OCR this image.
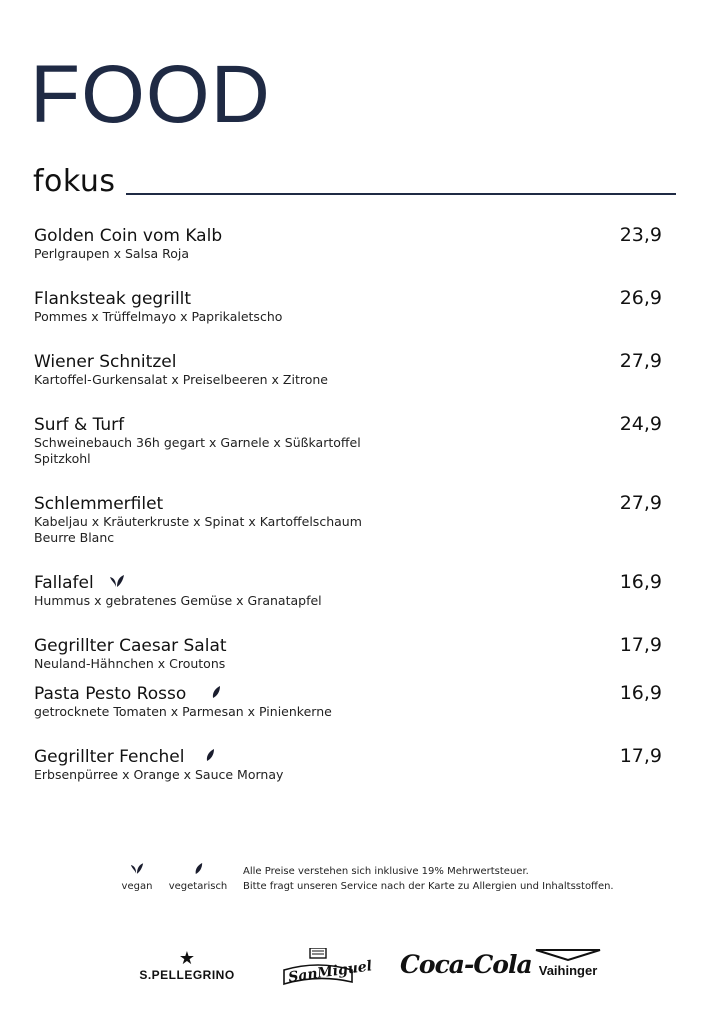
FOOD
fokus
Golden Coin vom Kalb
Perlgraupen x Salsa Roja
23,9
Flanksteak gegrillt
Pommes x Trüffelmayo x Paprikaletscho
26,9
Wiener Schnitzel
Kartoffel-Gurkensalat x Preiselbeeren x Zitrone
27,9
Surf & Turf
Schweinebauch 36h gegart x Garnele x Süßkartoffel
Spitzkohl
24,9
Schlemmerfilet
Kabeljau x Kräuterkruste x Spinat x Kartoffelschaum
Beurre Blanc
27,9
Fallafel
Hummus x gebratenes Gemüse x Granatapfel
16,9
Gegrillter Caesar Salat
Neuland-Hähnchen x Croutons
17,9
Pasta Pesto Rosso
getrocknete Tomaten x Parmesan x Pinienkerne
16,9
Gegrillter Fenchel
Erbsenpürree x Orange x Sauce Mornay
17,9
vegan	vegetarisch
Alle Preise verstehen sich inklusive 19% Mehrwertsteuer.
Bitte fragt unseren Service nach der Karte zu Allergien und Inhaltsstoffen.
★
S.PELLEGRINO	SanMiguel Coca-Cola Vaihinger
